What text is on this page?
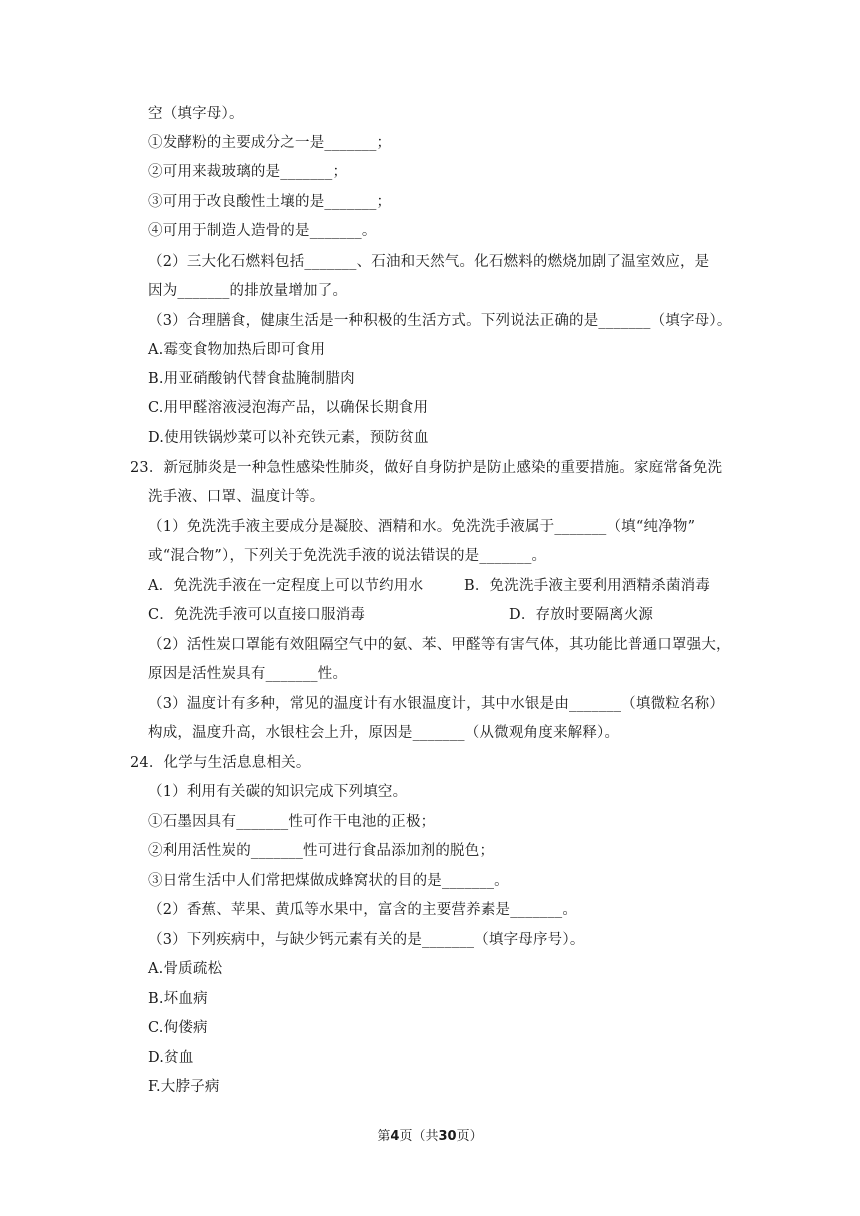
空（填字母）。
①发酵粉的主要成分之一是_______；
②可用来裁玻璃的是_______；
③可用于改良酸性土壤的是_______；
④可用于制造人造骨的是_______。
（2）三大化石燃料包括_______、石油和天然气。化石燃料的燃烧加剧了温室效应，是
因为_______的排放量增加了。
（3）合理膳食，健康生活是一种积极的生活方式。下列说法正确的是_______（填字母）。
A.霉变食物加热后即可食用
B.用亚硝酸钠代替食盐腌制腊肉
C.用甲醛溶液浸泡海产品，以确保长期食用
D.使用铁锅炒菜可以补充铁元素，预防贫血
23．新冠肺炎是一种急性感染性肺炎，做好自身防护是防止感染的重要措施。家庭常备免洗
洗手液、口罩、温度计等。
（1）免洗洗手液主要成分是凝胶、酒精和水。免洗洗手液属于_______（填“纯净物”
或“混合物”），下列关于免洗洗手液的说法错误的是_______。
A．免洗洗手液在一定程度上可以节约用水	B．免洗洗手液主要利用酒精杀菌消毒
C．免洗洗手液可以直接口服消毒	D．存放时要隔离火源
（2）活性炭口罩能有效阻隔空气中的氨、苯、甲醛等有害气体，其功能比普通口罩强大，
原因是活性炭具有_______性。
（3）温度计有多种，常见的温度计有水银温度计，其中水银是由_______（填微粒名称）
构成，温度升高，水银柱会上升，原因是_______（从微观角度来解释）。
24．化学与生活息息相关。
（1）利用有关碳的知识完成下列填空。
①石墨因具有_______性可作干电池的正极；
②利用活性炭的_______性可进行食品添加剂的脱色；
③日常生活中人们常把煤做成蜂窝状的目的是_______。
（2）香蕉、苹果、黄瓜等水果中，富含的主要营养素是_______。
（3）下列疾病中，与缺少钙元素有关的是_______（填字母序号）。
A.骨质疏松
B.坏血病
C.佝偻病
D.贫血
F.大脖子病
第4页（共30页）
